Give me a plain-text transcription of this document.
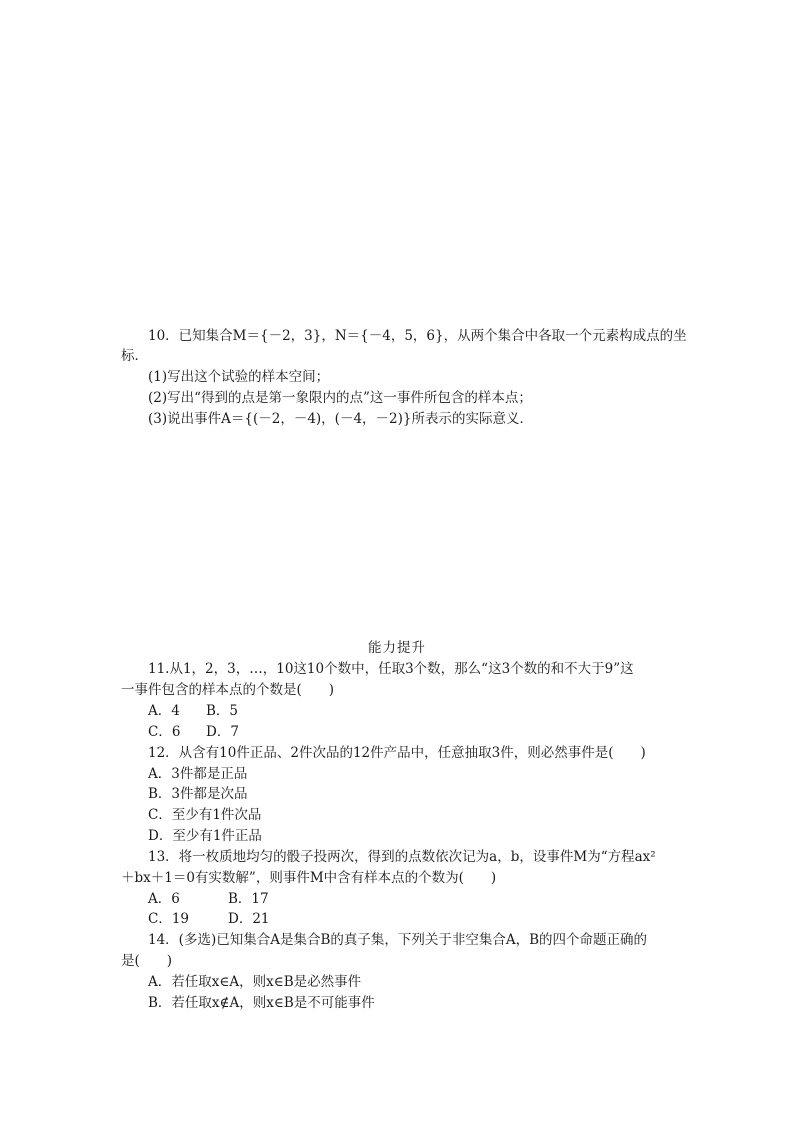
10．已知集合M＝{－2，3}，N＝{－4，5，6}，从两个集合中各取一个元素构成点的坐
标．
(1)写出这个试验的样本空间；
(2)写出“得到的点是第一象限内的点”这一事件所包含的样本点；
(3)说出事件A＝{(－2，－4)，(－4，－2)}所表示的实际意义．
能力提升
11.从1，2，3，…，10这10个数中，任取3个数，那么“这3个数的和不大于9”这
一事件包含的样本点的个数是(　　)
A．4 B．5
C．6 D．7
12．从含有10件正品、2件次品的12件产品中，任意抽取3件，则必然事件是(　　)
A．3件都是正品
B．3件都是次品
C．至少有1件次品
D．至少有1件正品
13．将一枚质地均匀的骰子投两次，得到的点数依次记为a，b，设事件M为“方程ax²
＋bx＋1＝0有实数解”，则事件M中含有样本点的个数为(　　)
A．6	B．17
C．19	D．21
14．(多选)已知集合A是集合B的真子集，下列关于非空集合A，B的四个命题正确的
是(　　)
A．若任取x∈A，则x∈B是必然事件
B．若任取x∉A，则x∈B是不可能事件
